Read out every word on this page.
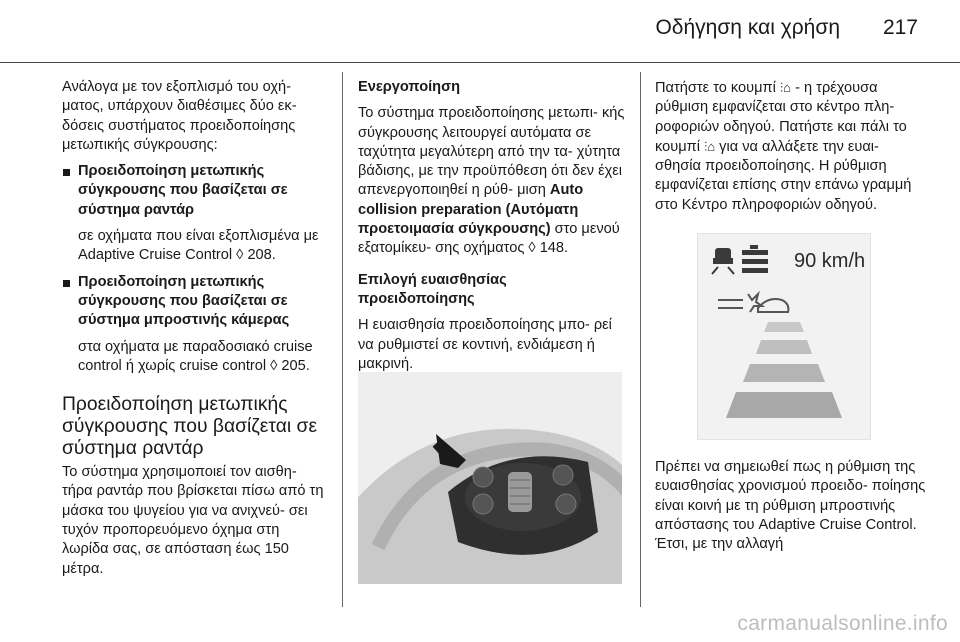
Οδήγηση και χρήση 217

Ανάλογα με τον εξοπλισμό του οχή- ματος, υπάρχουν διαθέσιμες δύο εκ- δόσεις συστήματος προειδοποίησης μετωπικής σύγκρουσης:

Προειδοποίηση μετωπικής σύγκρουσης που βασίζεται σε σύστημα ραντάρ

σε οχήματα που είναι εξοπλισμένα με Adaptive Cruise Control ◊ 208.

Προειδοποίηση μετωπικής σύγκρουσης που βασίζεται σε σύστημα μπροστινής κάμερας

στα οχήματα με παραδοσιακό cruise control ή χωρίς cruise control ◊ 205.

Προειδοποίηση μετωπικής σύγκρουσης που βασίζεται σε σύστημα ραντάρ

Το σύστημα χρησιμοποιεί τον αισθη- τήρα ραντάρ που βρίσκεται πίσω από τη μάσκα του ψυγείου για να ανιχνεύ- σει τυχόν προπορευόμενο όχημα στη λωρίδα σας, σε απόσταση έως 150 μέτρα.

Ενεργοποίηση

Το σύστημα προειδοποίησης μετωπι- κής σύγκρουσης λειτουργεί αυτόματα σε ταχύτητα μεγαλύτερη από την τα- χύτητα βάδισης, με την προϋπόθεση ότι δεν έχει απενεργοποιηθεί η ρύθ- μιση Auto collision preparation (Αυτόματη προετοιμασία σύγκρουσης) στο μενού εξατομίκευ- σης οχήματος ◊ 148.

Επιλογή ευαισθησίας προειδοποίησης

Η ευαισθησία προειδοποίησης μπο- ρεί να ρυθμιστεί σε κοντινή, ενδιάμεση ή μακρινή.

Πατήστε το κουμπί ⫶⌂ - η τρέχουσα ρύθμιση εμφανίζεται στο κέντρο πλη- ροφοριών οδηγού. Πατήστε και πάλι το κουμπί ⫶⌂ για να αλλάξετε την ευαι- σθησία προειδοποίησης. Η ρύθμιση εμφανίζεται επίσης στην επάνω γραμμή στο Κέντρο πληροφοριών οδηγού.

90 km/h

Πρέπει να σημειωθεί πως η ρύθμιση της ευαισθησίας χρονισμού προειδο- ποίησης είναι κοινή με τη ρύθμιση μπροστινής απόστασης του Adaptive Cruise Control. Έτσι, με την αλλαγή

carmanualsonline.info
